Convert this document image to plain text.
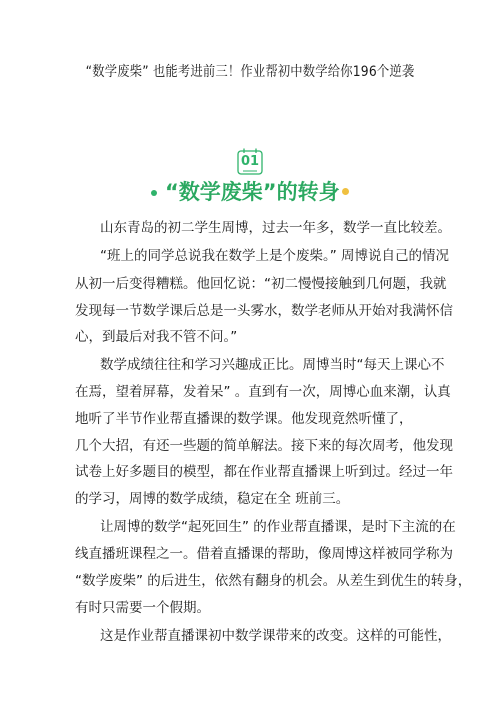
“数学废柴” 也能考进前三！作业帮初中数学给你196个逆袭
01
“数学废柴”的转身
山东青岛的初二学生周博，过去一年多，数学一直比较差。
“班上的同学总说我在数学上是个废柴。” 周博说自己的情况
从初一后变得糟糕。他回忆说：“初二慢慢接触到几何题，我就
发现每一节数学课后总是一头雾水，数学老师从开始对我满怀信
心，到最后对我不管不问。”
数学成绩往往和学习兴趣成正比。周博当时“每天上课心不
在焉，望着屏幕，发着呆” 。直到有一次，周博心血来潮，认真
地听了半节作业帮直播课的数学课。他发现竟然听懂了，
几个大招，有还一些题的简单解法。接下来的每次周考，他发现
试卷上好多题目的模型，都在作业帮直播课上听到过。经过一年
的学习，周博的数学成绩，稳定在全 班前三。
让周博的数学“起死回生” 的作业帮直播课，是时下主流的在
线直播班课程之一。借着直播课的帮助，像周博这样被同学称为
“数学废柴” 的后进生，依然有翻身的机会。从差生到优生的转身，
有时只需要一个假期。
这是作业帮直播课初中数学课带来的改变。这样的可能性，
